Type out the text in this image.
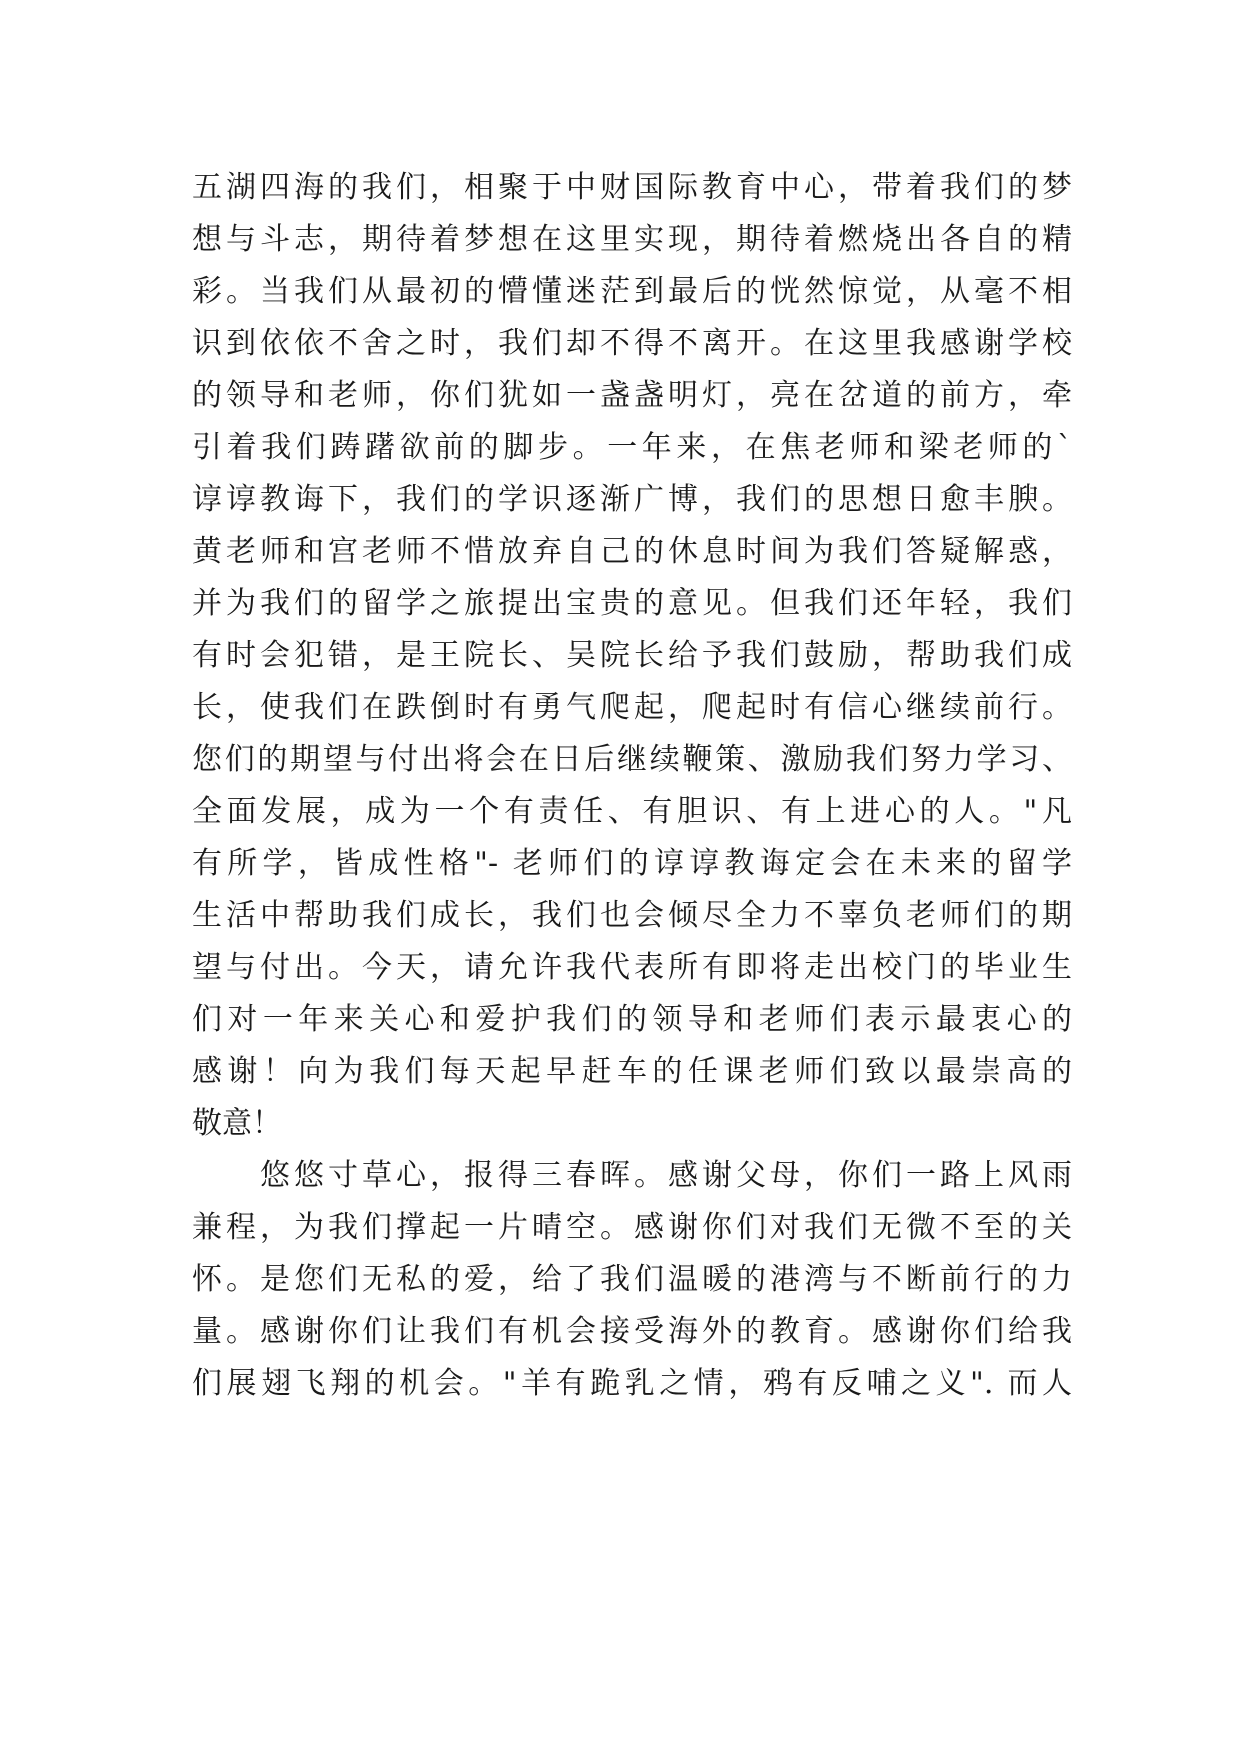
五湖四海的我们，相聚于中财国际教育中心，带着我们的梦
想与斗志，期待着梦想在这里实现，期待着燃烧出各自的精
彩。当我们从最初的懵懂迷茫到最后的恍然惊觉，从毫不相
识到依依不舍之时，我们却不得不离开。在这里我感谢学校
的领导和老师，你们犹如一盏盏明灯，亮在岔道的前方，牵
引着我们踌躇欲前的脚步。一年来，在焦老师和梁老师的`
谆谆教诲下，我们的学识逐渐广博，我们的思想日愈丰腴。
黄老师和宫老师不惜放弃自己的休息时间为我们答疑解惑，
并为我们的留学之旅提出宝贵的意见。但我们还年轻，我们
有时会犯错，是王院长、吴院长给予我们鼓励，帮助我们成
长，使我们在跌倒时有勇气爬起，爬起时有信心继续前行。
您们的期望与付出将会在日后继续鞭策、激励我们努力学习、
全面发展，成为一个有责任、有胆识、有上进心的人。"凡
有所学，皆成性格"- 老师们的谆谆教诲定会在未来的留学
生活中帮助我们成长，我们也会倾尽全力不辜负老师们的期
望与付出。今天，请允许我代表所有即将走出校门的毕业生
们对一年来关心和爱护我们的领导和老师们表示最衷心的
感谢！向为我们每天起早赶车的任课老师们致以最崇高的
敬意！
　　悠悠寸草心，报得三春晖。感谢父母，你们一路上风雨
兼程，为我们撑起一片晴空。感谢你们对我们无微不至的关
怀。是您们无私的爱，给了我们温暖的港湾与不断前行的力
量。感谢你们让我们有机会接受海外的教育。感谢你们给我
们展翅飞翔的机会。"羊有跪乳之情，鸦有反哺之义". 而人
